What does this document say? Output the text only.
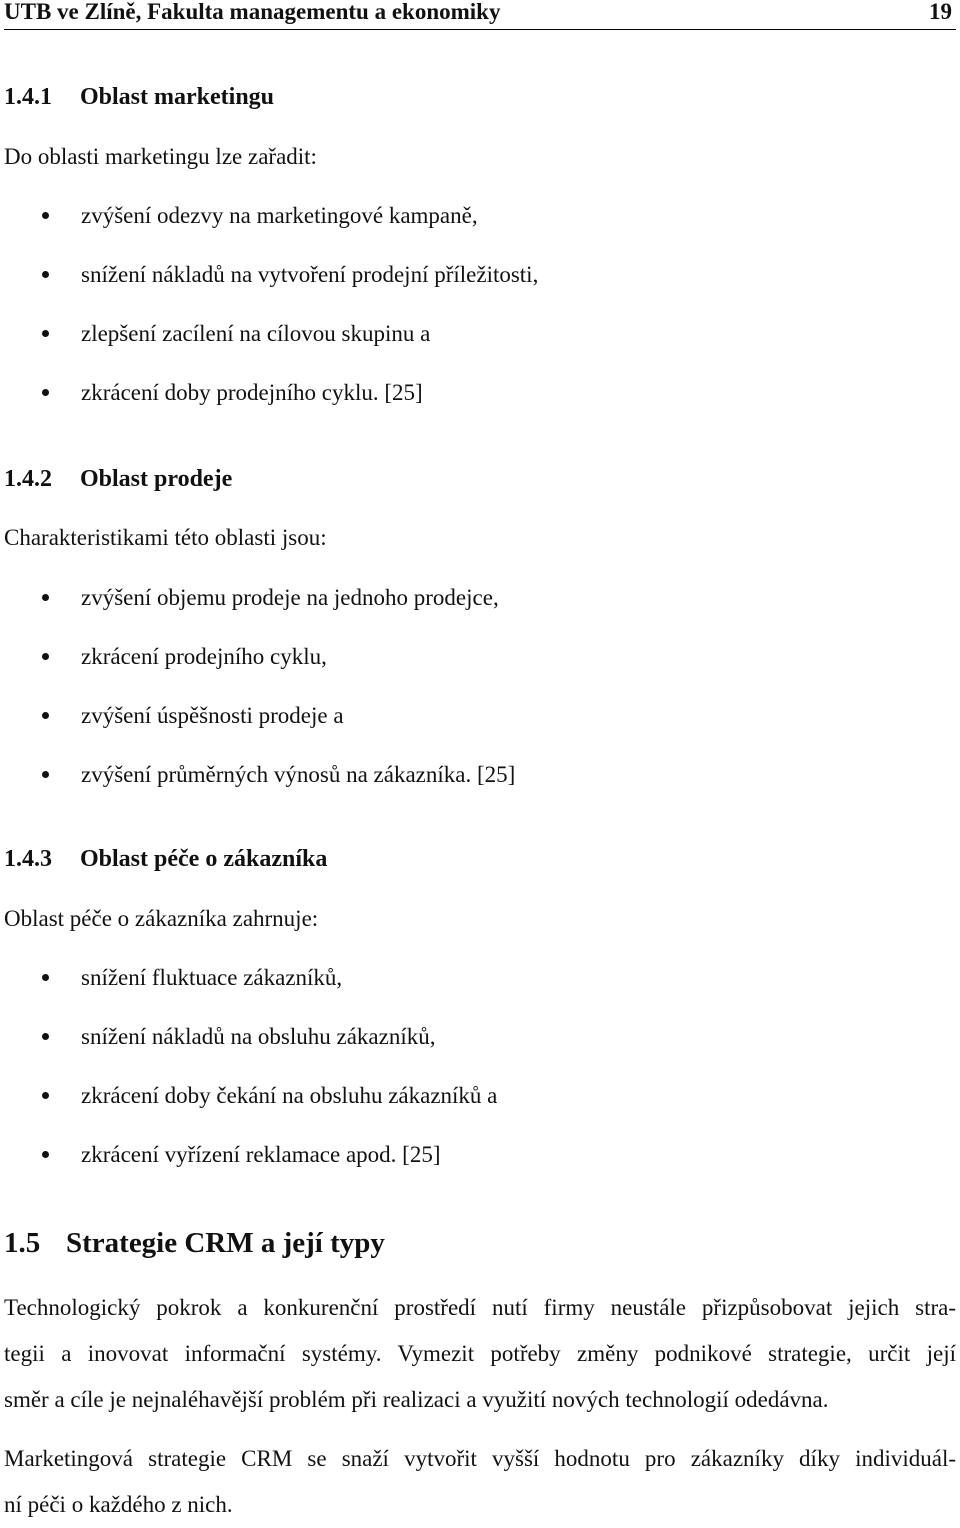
UTB ve Zlíně, Fakulta managementu a ekonomiky	19
1.4.1 Oblast marketingu
Do oblasti marketingu lze zařadit:
zvýšení odezvy na marketingové kampaně,
snížení nákladů na vytvoření prodejní příležitosti,
zlepšení zacílení na cílovou skupinu a
zkrácení doby prodejního cyklu. [25]
1.4.2 Oblast prodeje
Charakteristikami této oblasti jsou:
zvýšení objemu prodeje na jednoho prodejce,
zkrácení prodejního cyklu,
zvýšení úspěšnosti prodeje a
zvýšení průměrných výnosů na zákazníka. [25]
1.4.3 Oblast péče o zákazníka
Oblast péče o zákazníka zahrnuje:
snížení fluktuace zákazníků,
snížení nákladů na obsluhu zákazníků,
zkrácení doby čekání na obsluhu zákazníků a
zkrácení vyřízení reklamace apod. [25]
1.5 Strategie CRM a její typy
Technologický pokrok a konkurenční prostředí nutí firmy neustále přizpůsobovat jejich stra-
tegii a inovovat informační systémy. Vymezit potřeby změny podnikové strategie, určit její
směr a cíle je nejnaléhavější problém při realizaci a využití nových technologií odedávna.
Marketingová strategie CRM se snaží vytvořit vyšší hodnotu pro zákazníky díky individuál-
ní péči o každého z nich.
